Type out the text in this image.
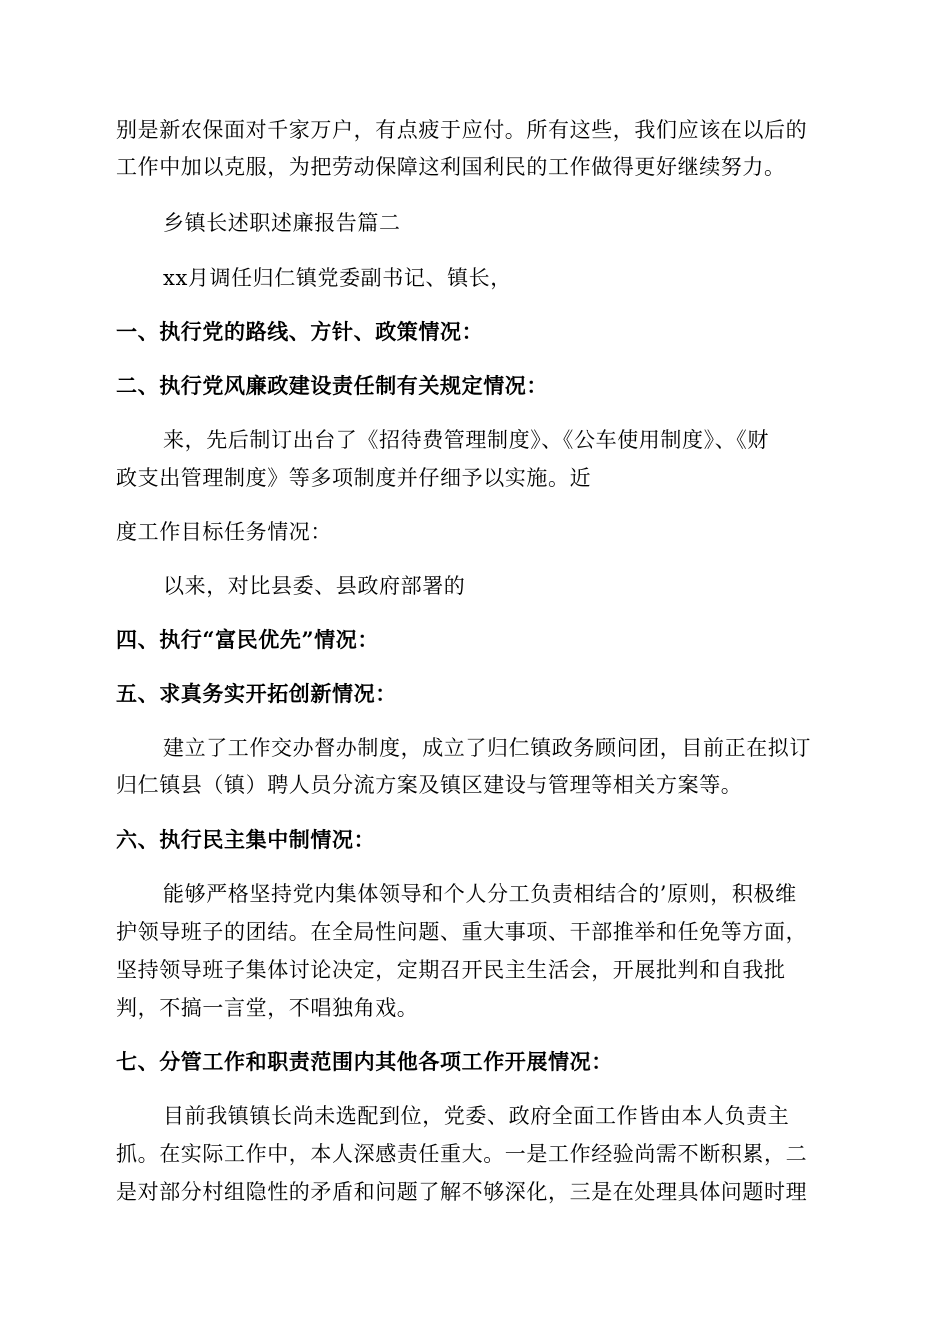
别是新农保面对千家万户，有点疲于应付。所有这些，我们应该在以后的
工作中加以克服，为把劳动保障这利国利民的工作做得更好继续努力。
乡镇长述职述廉报告篇二
xx月调任归仁镇党委副书记、镇长，
一、执行党的路线、方针、政策情况：
二、执行党风廉政建设责任制有关规定情况：
来，先后制订出台了《招待费管理制度》、《公车使用制度》、《财
政支出管理制度》等多项制度并仔细予以实施。近
度工作目标任务情况：
以来，对比县委、县政府部署的
四、执行“富民优先”情况：
五、求真务实开拓创新情况：
建立了工作交办督办制度，成立了归仁镇政务顾问团，目前正在拟订
归仁镇县（镇）聘人员分流方案及镇区建设与管理等相关方案等。
六、执行民主集中制情况：
能够严格坚持党内集体领导和个人分工负责相结合的’原则，积极维
护领导班子的团结。在全局性问题、重大事项、干部推举和任免等方面，
坚持领导班子集体讨论决定，定期召开民主生活会，开展批判和自我批
判，不搞一言堂，不唱独角戏。
七、分管工作和职责范围内其他各项工作开展情况：
目前我镇镇长尚未选配到位，党委、政府全面工作皆由本人负责主
抓。在实际工作中，本人深感责任重大。一是工作经验尚需不断积累，二
是对部分村组隐性的矛盾和问题了解不够深化，三是在处理具体问题时理
